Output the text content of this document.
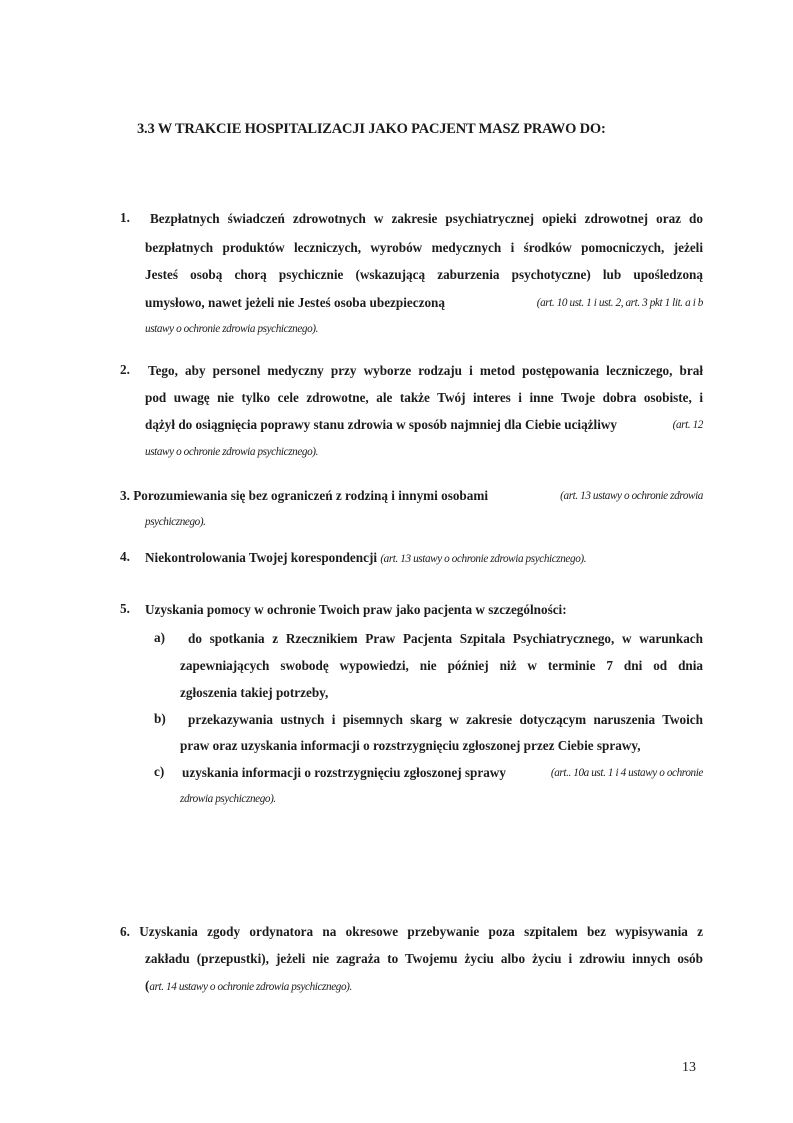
3.3 W TRAKCIE HOSPITALIZACJI JAKO PACJENT MASZ PRAWO DO:
1. Bezpłatnych świadczeń zdrowotnych w zakresie psychiatrycznej opieki zdrowotnej oraz do
bezpłatnych produktów leczniczych, wyrobów medycznych i środków pomocniczych, jeżeli
Jesteś osobą chorą psychicznie (wskazującą zaburzenia psychotyczne) lub upośledzoną
umysłowo, nawet jeżeli nie Jesteś osoba ubezpieczoną	(art. 10 ust. 1 i ust. 2, art. 3 pkt 1 lit. a i b
ustawy o ochronie zdrowia psychicznego).
2. Tego, aby personel medyczny przy wyborze rodzaju i metod postępowania leczniczego, brał
pod uwagę nie tylko cele zdrowotne, ale także Twój interes i inne Twoje dobra osobiste, i
dążył do osiągnięcia poprawy stanu zdrowia w sposób najmniej dla Ciebie uciążliwy	(art. 12
ustawy o ochronie zdrowia psychicznego).
3. Porozumiewania się bez ograniczeń z rodziną i innymi osobami	(art. 13 ustawy o ochronie zdrowia
psychicznego).
4. Niekontrolowania Twojej korespondencji (art. 13 ustawy o ochronie zdrowia psychicznego).
5. Uzyskania pomocy w ochronie Twoich praw jako pacjenta w szczególności:
a) do spotkania z Rzecznikiem Praw Pacjenta Szpitala Psychiatrycznego, w warunkach
zapewniających swobodę wypowiedzi, nie później niż w terminie 7 dni od dnia
zgłoszenia takiej potrzeby,
b) przekazywania ustnych i pisemnych skarg w zakresie dotyczącym naruszenia Twoich
praw oraz uzyskania informacji o rozstrzygnięciu zgłoszonej przez Ciebie sprawy,
c) uzyskania informacji o rozstrzygnięciu zgłoszonej sprawy	(art.. 10a ust. 1 i 4 ustawy o ochronie
zdrowia psychicznego).
6. Uzyskania zgody ordynatora na okresowe przebywanie poza szpitalem bez wypisywania z
zakładu (przepustki), jeżeli nie zagraża to Twojemu życiu albo życiu i zdrowiu innych osób
(art. 14 ustawy o ochronie zdrowia psychicznego).
13
